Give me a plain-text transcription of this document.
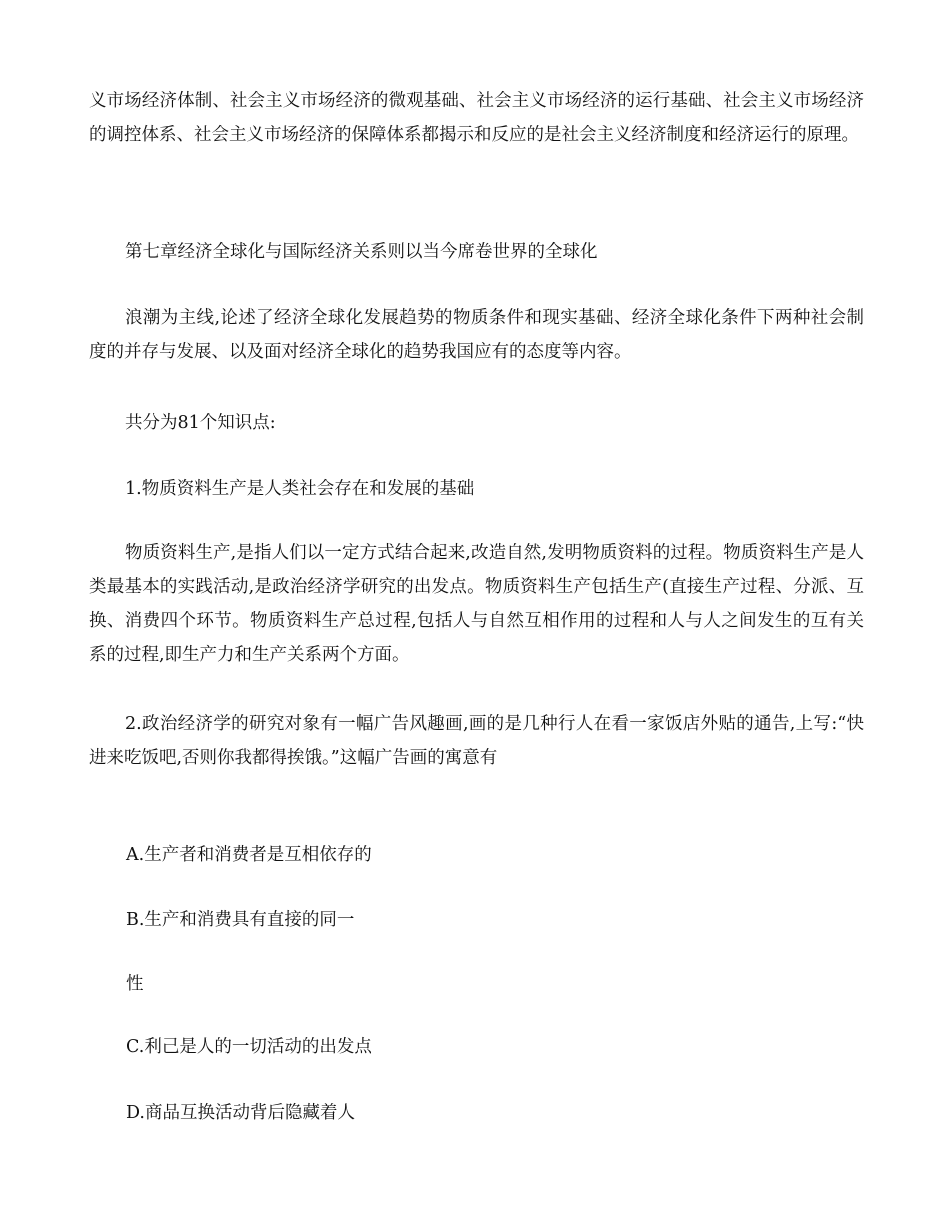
义市场经济体制、社会主义市场经济的微观基础、社会主义市场经济的运行基础、社会主义市场经济的调控体系、社会主义市场经济的保障体系都揭示和反应的是社会主义经济制度和经济运行的原理。

第七章经济全球化与国际经济关系则以当今席卷世界的全球化

浪潮为主线,论述了经济全球化发展趋势的物质条件和现实基础、经济全球化条件下两种社会制度的并存与发展、以及面对经济全球化的趋势我国应有的态度等内容。

共分为81个知识点:

1.物质资料生产是人类社会存在和发展的基础

物质资料生产,是指人们以一定方式结合起来,改造自然,发明物质资料的过程。物质资料生产是人类最基本的实践活动,是政治经济学研究的出发点。物质资料生产包括生产(直接生产过程、分派、互换、消费四个环节。物质资料生产总过程,包括人与自然互相作用的过程和人与人之间发生的互有关系的过程,即生产力和生产关系两个方面。

2.政治经济学的研究对象有一幅广告风趣画,画的是几种行人在看一家饭店外贴的通告,上写:“快进来吃饭吧,否则你我都得挨饿。”这幅广告画的寓意有

A.生产者和消费者是互相依存的

B.生产和消费具有直接的同一

性

C.利己是人的一切活动的出发点

D.商品互换活动背后隐藏着人
